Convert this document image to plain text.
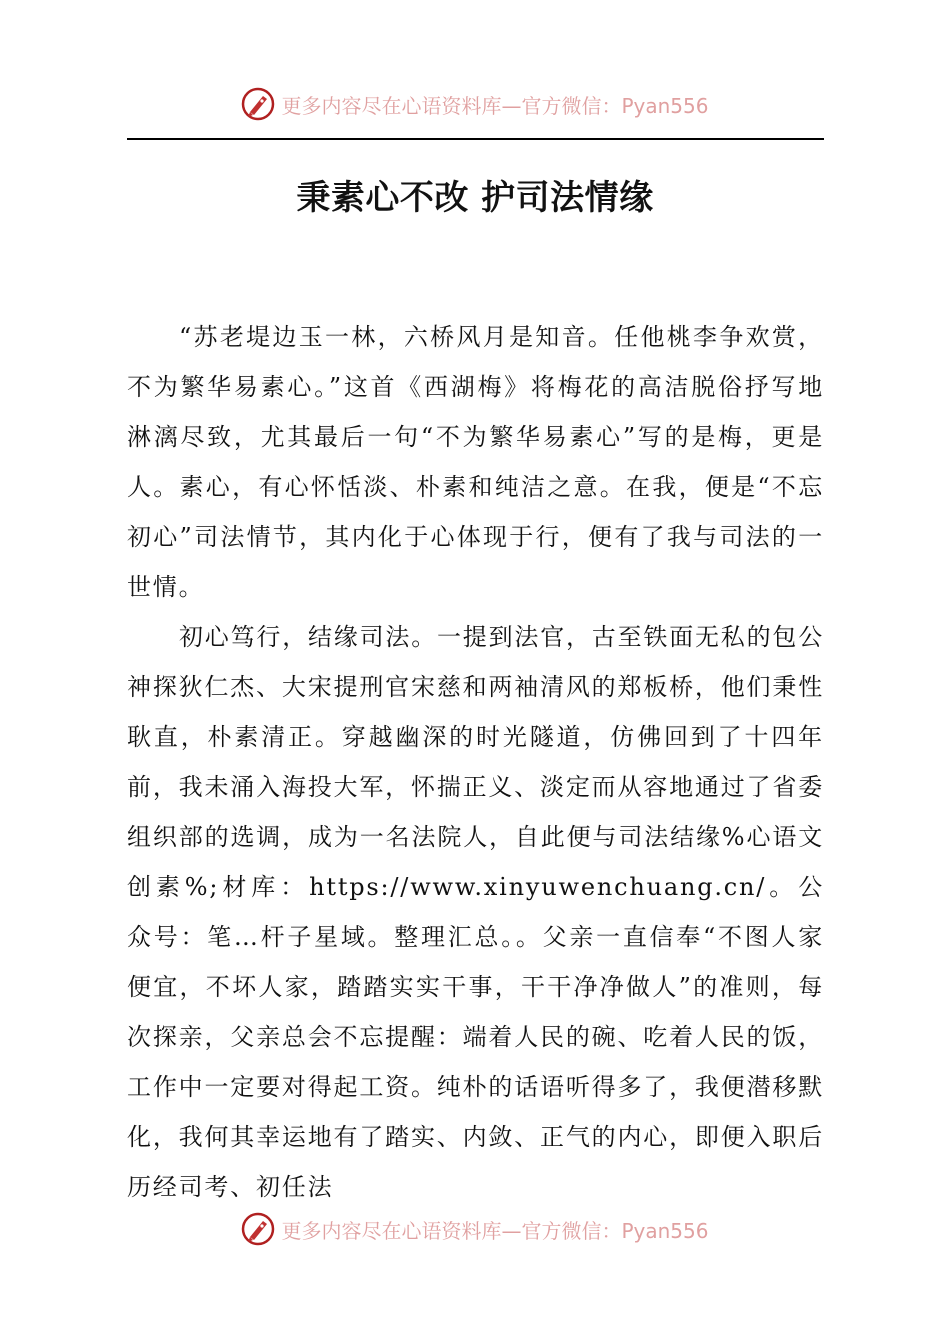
更多内容尽在心语资料库—官方微信：Pyan556
秉素心不改 护司法情缘

“苏老堤边玉一林，六桥风月是知音。任他桃李争欢赏，不为繁华易素心。”这首《西湖梅》将梅花的高洁脱俗抒写地淋漓尽致，尤其最后一句“不为繁华易素心”写的是梅，更是人。素心，有心怀恬淡、朴素和纯洁之意。在我，便是“不忘初心”司法情节，其内化于心体现于行，便有了我与司法的一世情。

初心笃行，结缘司法。一提到法官，古至铁面无私的包公神探狄仁杰、大宋提刑官宋慈和两袖清风的郑板桥，他们秉性耿直，朴素清正。穿越幽深的时光隧道，仿佛回到了十四年前，我未涌入海投大军，怀揣正义、淡定而从容地通过了省委组织部的选调，成为一名法院人，自此便与司法结缘%心语文创素%;材库：https://www.xinyuwenchuang.cn/。公众号：笔…杆子星域。整理汇总。。父亲一直信奉“不图人家便宜，不坏人家，踏踏实实干事，干干净净做人”的准则，每次探亲，父亲总会不忘提醒：端着人民的碗、吃着人民的饭，工作中一定要对得起工资。纯朴的话语听得多了，我便潜移默化，我何其幸运地有了踏实、内敛、正气的内心，即便入职后历经司考、初任法

更多内容尽在心语资料库—官方微信：Pyan556
